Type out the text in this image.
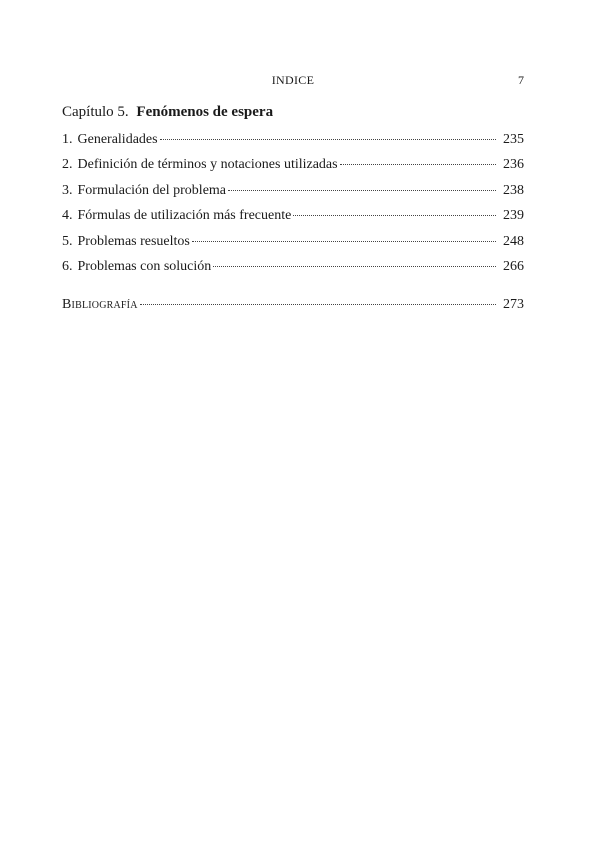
INDICE	7
Capítulo 5. Fenómenos de espera
1. Generalidades	235
2. Definición de términos y notaciones utilizadas	236
3. Formulación del problema	238
4. Fórmulas de utilización más frecuente	239
5. Problemas resueltos	248
6. Problemas con solución	266
Bibliografía	273
